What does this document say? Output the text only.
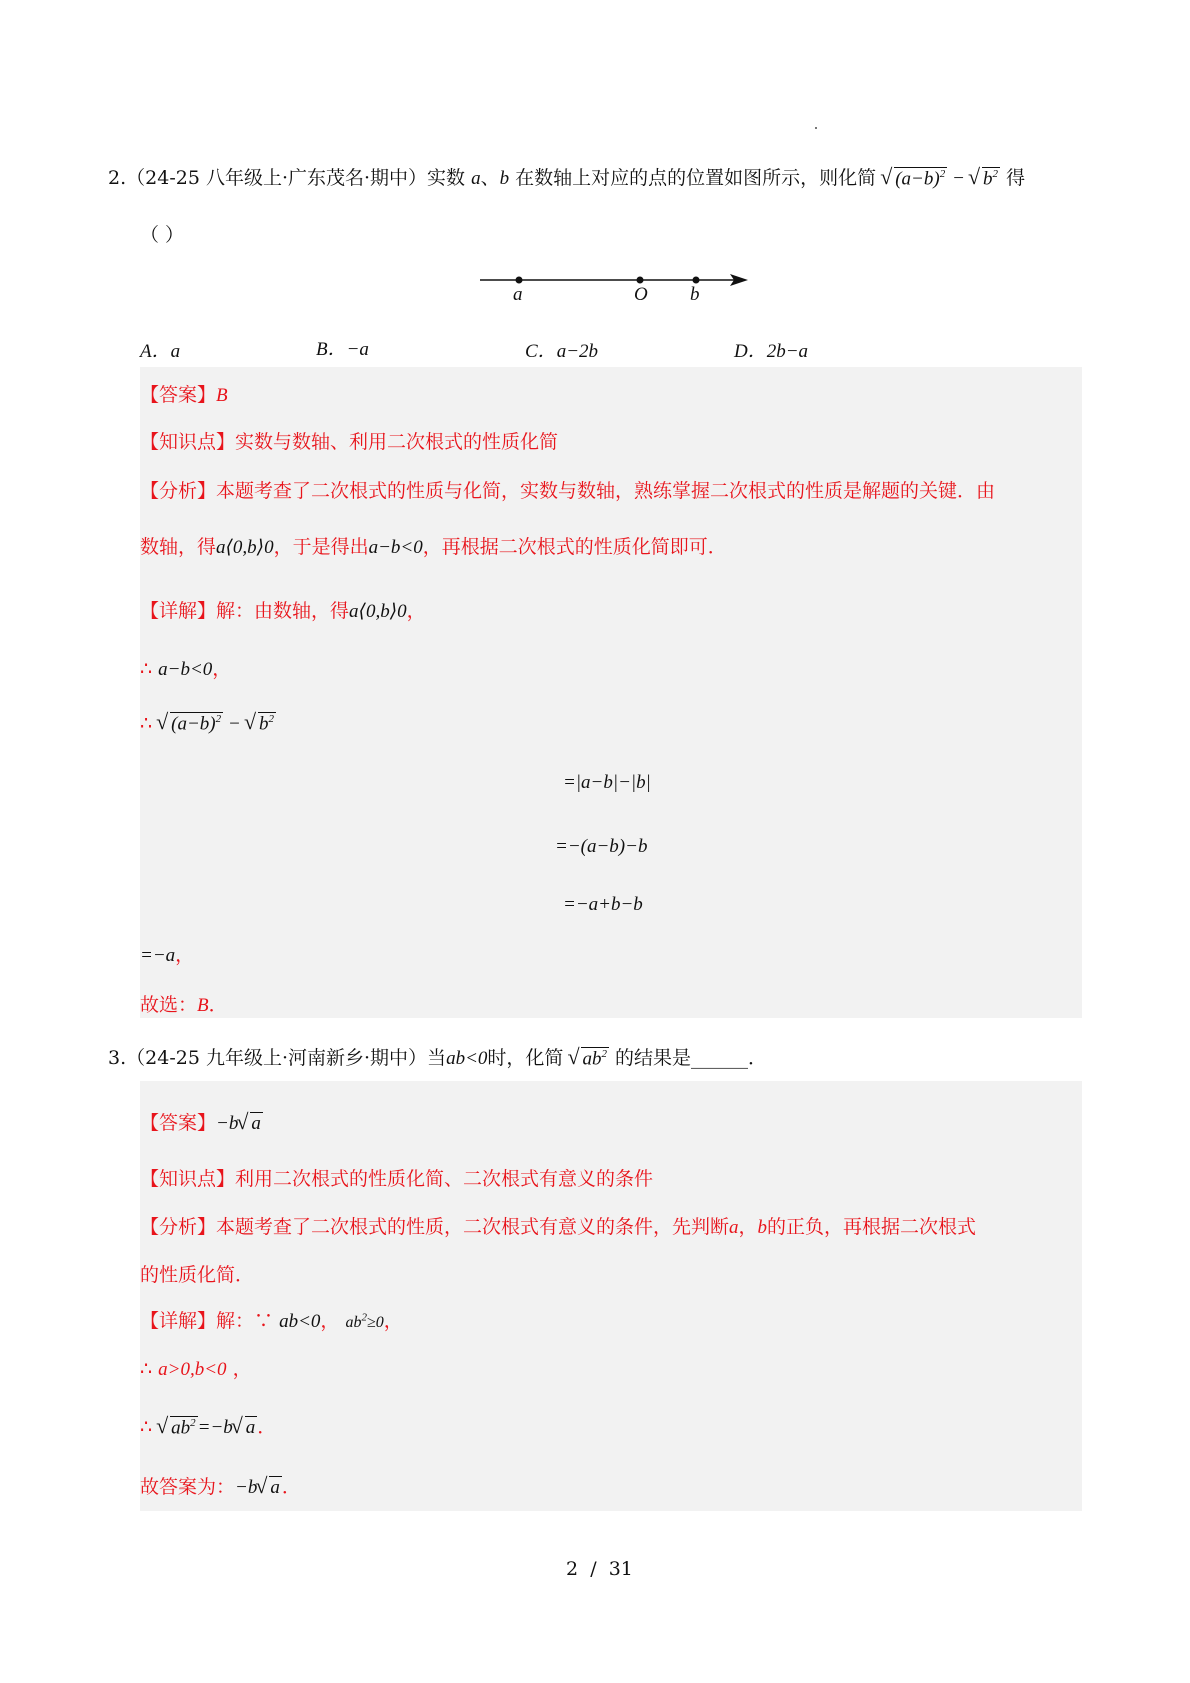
2.（24-25 八年级上·广东茂名·期中）实数 a、b 在数轴上对应的点的位置如图所示，则化简 √ $(a-b)^2$ − √ $b^2$ 得
（ ）
a	O b
A．a	B．−a	C．a−2b	D．2b−a
【答案】B
【知识点】实数与数轴、利用二次根式的性质化简
【分析】本题考查了二次根式的性质与化简，实数与数轴，熟练掌握二次根式的性质是解题的关键．由
数轴，得a⟨0,b⟩0，于是得出a−b<0，再根据二次根式的性质化简即可．
【详解】解：由数轴，得a⟨0,b⟩0，
∴ a−b<0，
∴ √ $(a-b)^2$ − √ $b^2$
=|a−b|−|b|
=−(a−b)−b
=−a+b−b
=−a，
故选：B．
3.（24-25 九年级上·河南新乡·期中）当ab<0时，化简 √ $ab^2$ 的结果是______．
【答案】−b √ a
【知识点】利用二次根式的性质化简、二次根式有意义的条件
【分析】本题考查了二次根式的性质，二次根式有意义的条件，先判断a，b的正负，再根据二次根式
的性质化简．
【详解】解：∵ ab<0， $ab^2\ge 0$，
∴ a>0,b<0 ，
∴ √ $ab^2 =-b$ √ a ．
故答案为：−b √ a ．
2 / 31
